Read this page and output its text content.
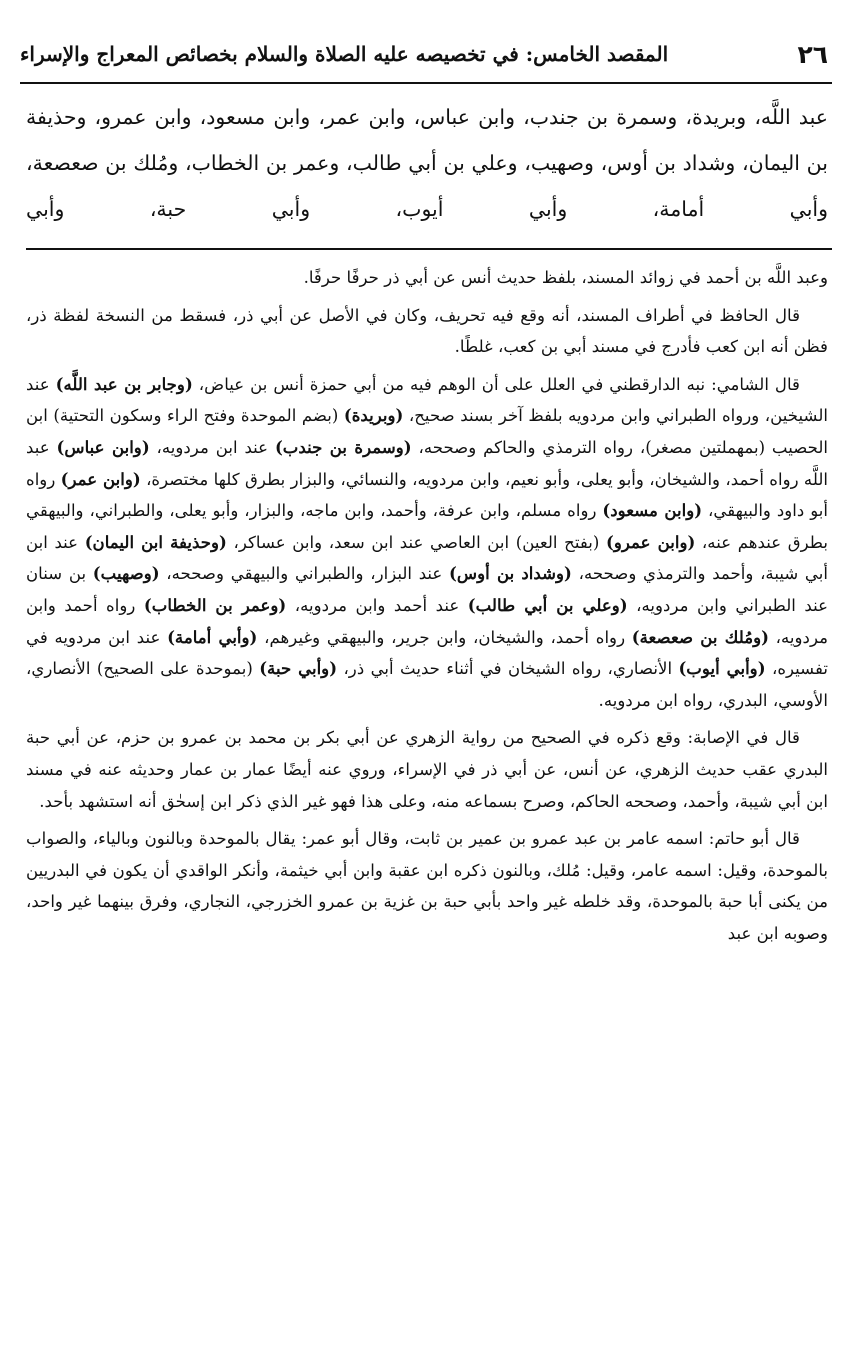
٢٦
المقصد الخامس: في تخصيصه عليه الصلاة والسلام بخصائص المعراج والإسراء
عبد اللَّه، وبريدة، وسمرة بن جندب، وابن عباس، وابن عمر، وابن مسعود، وابن عمرو، وحذيفة بن اليمان، وشداد بن أوس، وصهيب، وعلي بن أبي طالب، وعمر بن الخطاب، ومُلك بن صعصعة، وأبي أمامة، وأبي أيوب، وأبي حبة، وأبي

وعبد اللَّه بن أحمد في زوائد المسند، بلفظ حديث أنس عن أبي ذر حرفًا حرفًا.

قال الحافظ في أطراف المسند، أنه وقع فيه تحريف، وكان في الأصل عن أبي ذر، فسقط من النسخة لفظة ذر، فظن أنه ابن كعب فأدرج في مسند أبي بن كعب، غلطًا.

قال الشامي: نبه الدارقطني في العلل على أن الوهم فيه من أبي حمزة أنس بن عياض، (وجابر بن عبد اللَّه) عند الشيخين، ورواه الطبراني وابن مردويه بلفظ آخر بسند صحيح، (وبريدة) (بضم الموحدة وفتح الراء وسكون التحتية) ابن الحصيب (بمهملتين مصغر)، رواه الترمذي والحاكم وصححه، (وسمرة بن جندب) عند ابن مردويه، (وابن عباس) عبد اللَّه رواه أحمد، والشيخان، وأبو يعلى، وأبو نعيم، وابن مردويه، والنسائي، والبزار بطرق كلها مختصرة، (وابن عمر) رواه أبو داود والبيهقي، (وابن مسعود) رواه مسلم، وابن عرفة، وأحمد، وابن ماجه، والبزار، وأبو يعلى، والطبراني، والبيهقي بطرق عندهم عنه، (وابن عمرو) (بفتح العين) ابن العاصي عند ابن سعد، وابن عساكر، (وحذيفة ابن اليمان) عند ابن أبي شيبة، وأحمد والترمذي وصححه، (وشداد بن أوس) عند البزار، والطبراني والبيهقي وصححه، (وصهيب) بن سنان عند الطبراني وابن مردويه، (وعلي بن أبي طالب) عند أحمد وابن مردويه، (وعمر بن الخطاب) رواه أحمد وابن مردويه، (ومُلك بن صعصعة) رواه أحمد، والشيخان، وابن جرير، والبيهقي وغيرهم، (وأبي أمامة) عند ابن مردويه في تفسيره، (وأبي أيوب) الأنصاري، رواه الشيخان في أثناء حديث أبي ذر، (وأبي حبة) (بموحدة على الصحيح) الأنصاري، الأوسي، البدري، رواه ابن مردويه.

قال في الإصابة: وقع ذكره في الصحيح من رواية الزهري عن أبي بكر بن محمد بن عمرو بن حزم، عن أبي حبة البدري عقب حديث الزهري، عن أنس، عن أبي ذر في الإسراء، وروي عنه أيضًا عمار بن عمار وحديثه عنه في مسند ابن أبي شيبة، وأحمد، وصححه الحاكم، وصرح بسماعه منه، وعلى هذا فهو غير الذي ذكر ابن إسحٰق أنه استشهد بأحد.

قال أبو حاتم: اسمه عامر بن عبد عمرو بن عمير بن ثابت، وقال أبو عمر: يقال بالموحدة وبالنون وبالياء، والصواب بالموحدة، وقيل: اسمه عامر، وقيل: مُلك، وبالنون ذكره ابن عقبة وابن أبي خيثمة، وأنكر الواقدي أن يكون في البدريين من يكنى أبا حبة بالموحدة، وقد خلطه غير واحد بأبي حبة بن غزية بن عمرو الخزرجي، النجاري، وفرق بينهما غير واحد، وصوبه ابن عبد
